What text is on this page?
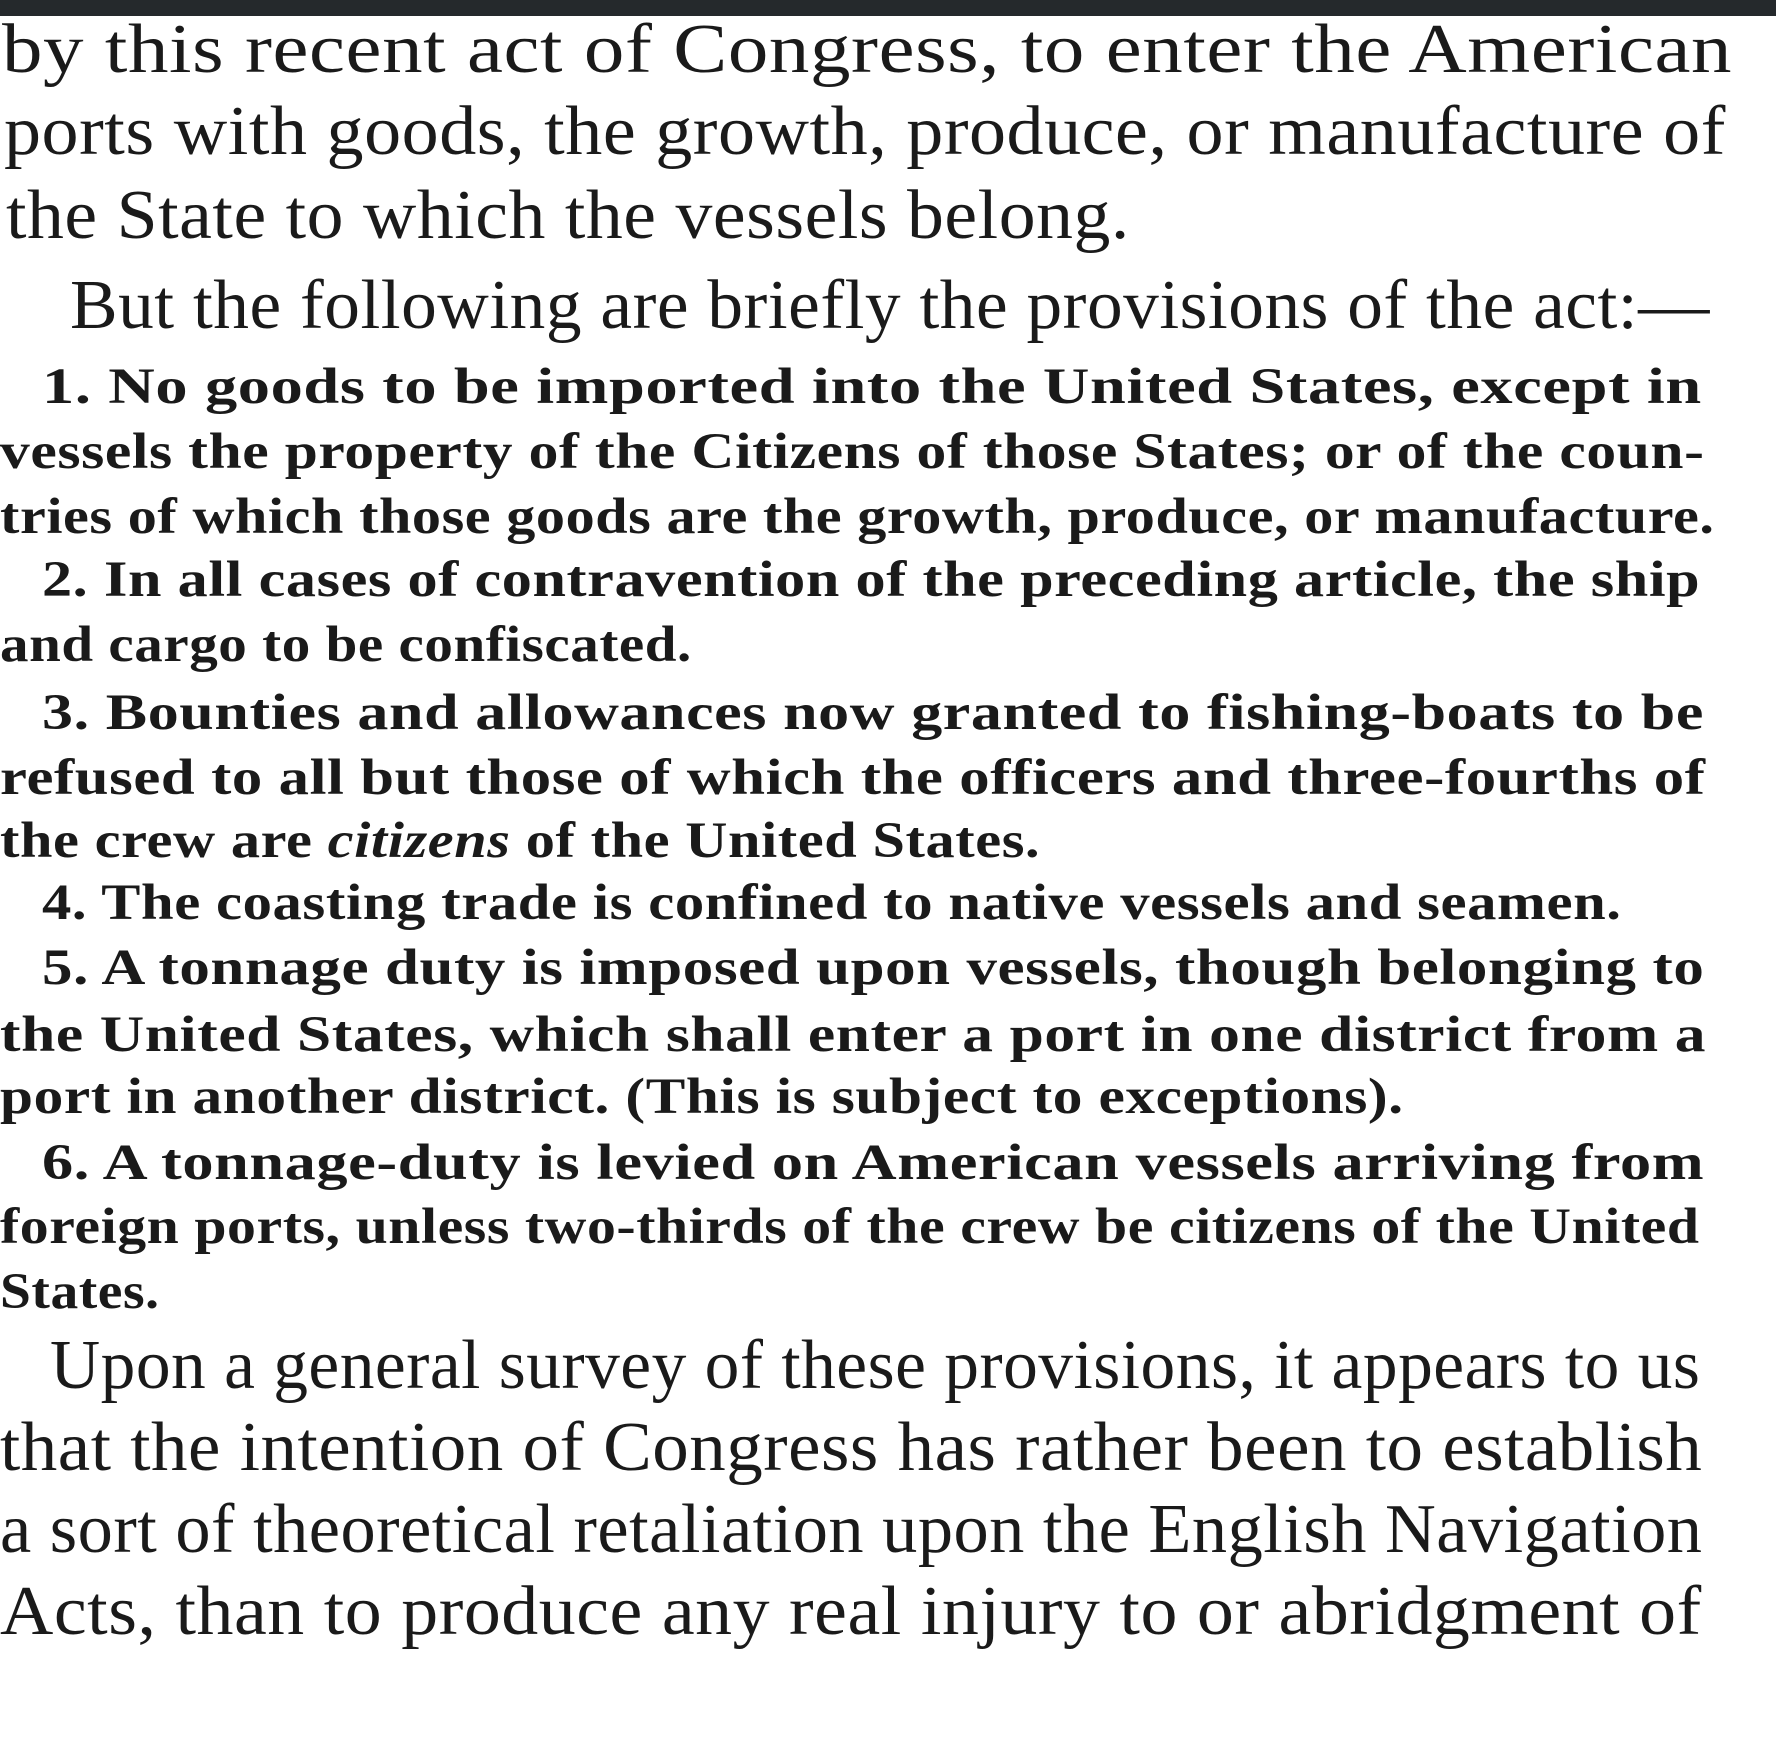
by this recent act of Congress, to enter the American
ports with goods, the growth, produce, or manufacture of
the State to which the vessels belong.
But the following are briefly the provisions of the act:—
1. No goods to be imported into the United States, except in
vessels the property of the Citizens of those States; or of the coun-
tries of which those goods are the growth, produce, or manufacture.
2. In all cases of contravention of the preceding article, the ship
and cargo to be confiscated.
3. Bounties and allowances now granted to fishing-boats to be
refused to all but those of which the officers and three-fourths of
the crew are citizens of the United States.
4. The coasting trade is confined to native vessels and seamen.
5. A tonnage duty is imposed upon vessels, though belonging to
the United States, which shall enter a port in one district from a
port in another district. (This is subject to exceptions).
6. A tonnage-duty is levied on American vessels arriving from
foreign ports, unless two-thirds of the crew be citizens of the United
States.
Upon a general survey of these provisions, it appears to us
that the intention of Congress has rather been to establish
a sort of theoretical retaliation upon the English Navigation
Acts, than to produce any real injury to or abridgment of
